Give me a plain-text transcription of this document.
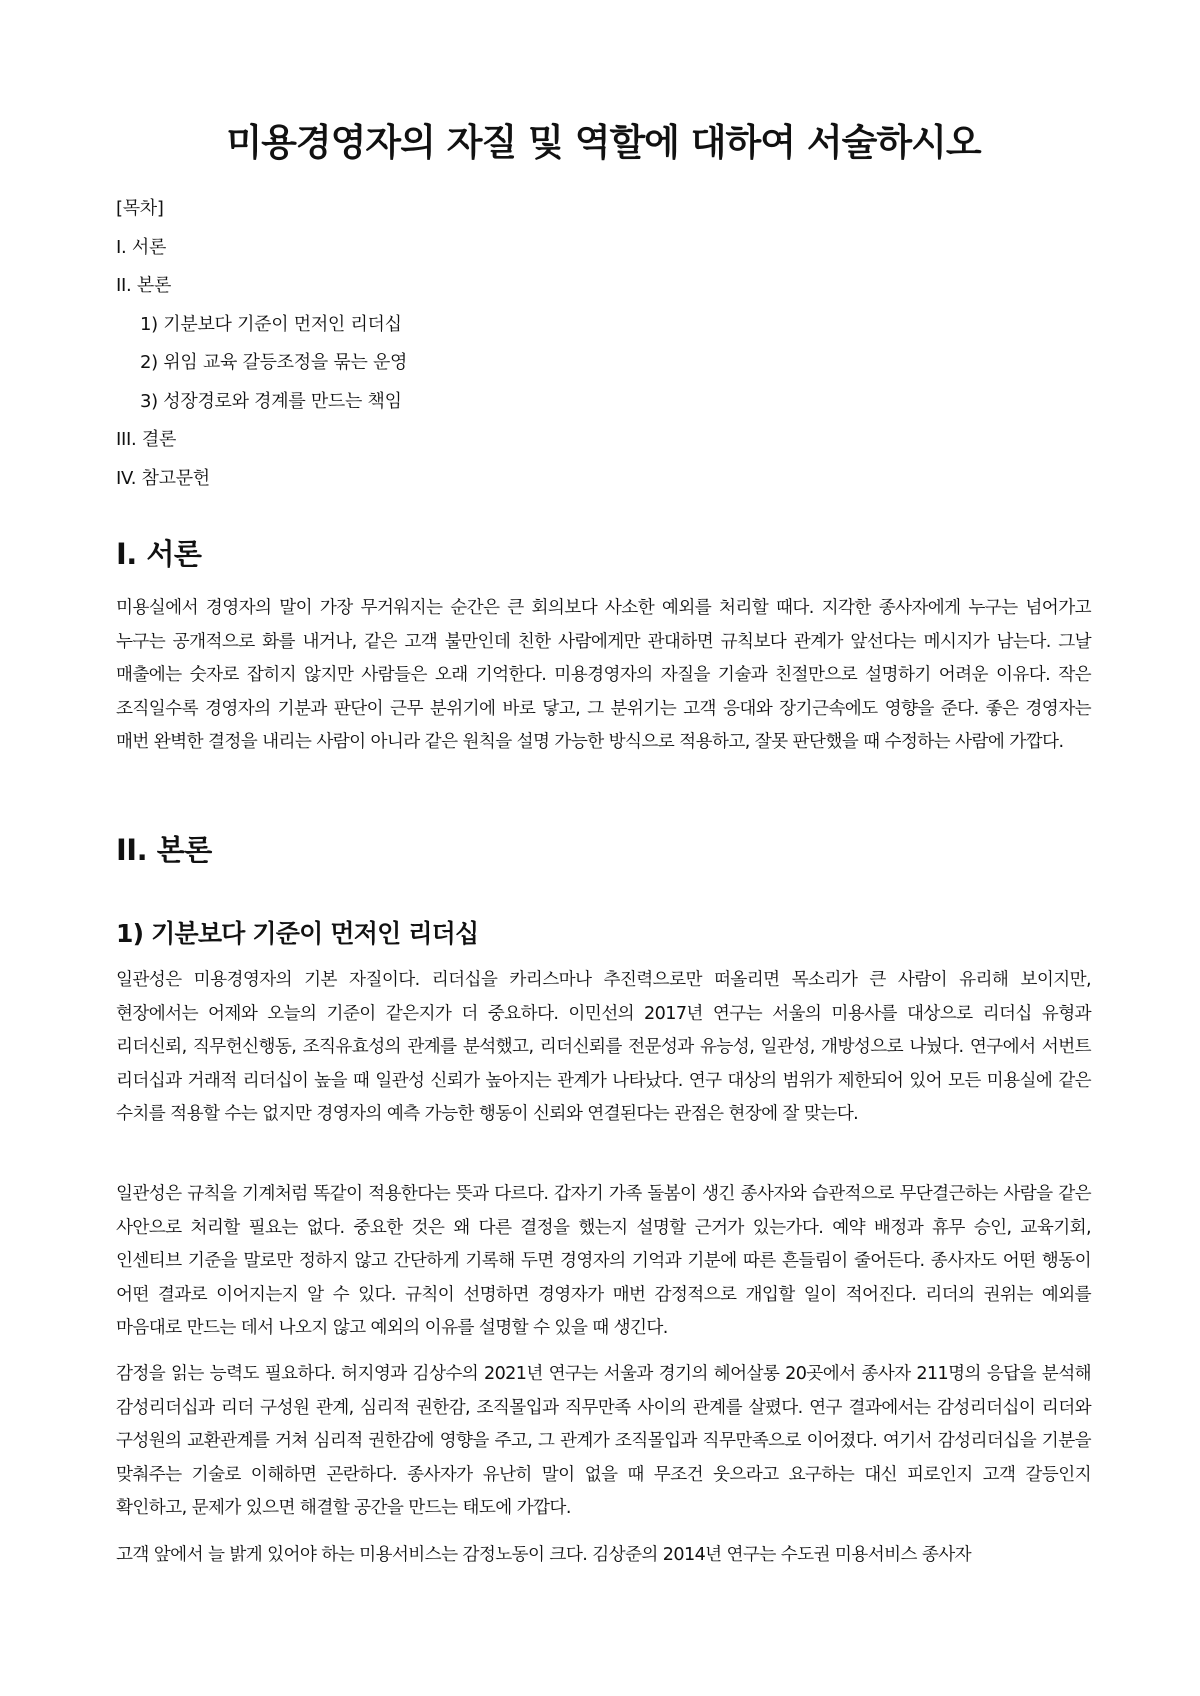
미용경영자의 자질 및 역할에 대하여 서술하시오
[목차]
I. 서론
II. 본론
1) 기분보다 기준이 먼저인 리더십
2) 위임 교육 갈등조정을 묶는 운영
3) 성장경로와 경계를 만드는 책임
III. 결론
IV. 참고문헌
I. 서론

미용실에서 경영자의 말이 가장 무거워지는 순간은 큰 회의보다 사소한 예외를 처리할 때다. 지각한 종사자에게 누구는 넘어가고 누구는 공개적으로 화를 내거나, 같은 고객 불만인데 친한 사람에게만 관대하면 규칙보다 관계가 앞선다는 메시지가 남는다. 그날 매출에는 숫자로 잡히지 않지만 사람들은 오래 기억한다. 미용경영자의 자질을 기술과 친절만으로 설명하기 어려운 이유다. 작은 조직일수록 경영자의 기분과 판단이 근무 분위기에 바로 닿고, 그 분위기는 고객 응대와 장기근속에도 영향을 준다. 좋은 경영자는 매번 완벽한 결정을 내리는 사람이 아니라 같은 원칙을 설명 가능한 방식으로 적용하고, 잘못 판단했을 때 수정하는 사람에 가깝다.

II. 본론
1) 기분보다 기준이 먼저인 리더십

일관성은 미용경영자의 기본 자질이다. 리더십을 카리스마나 추진력으로만 떠올리면 목소리가 큰 사람이 유리해 보이지만, 현장에서는 어제와 오늘의 기준이 같은지가 더 중요하다. 이민선의 2017년 연구는 서울의 미용사를 대상으로 리더십 유형과 리더신뢰, 직무헌신행동, 조직유효성의 관계를 분석했고, 리더신뢰를 전문성과 유능성, 일관성, 개방성으로 나눴다. 연구에서 서번트 리더십과 거래적 리더십이 높을 때 일관성 신뢰가 높아지는 관계가 나타났다. 연구 대상의 범위가 제한되어 있어 모든 미용실에 같은 수치를 적용할 수는 없지만 경영자의 예측 가능한 행동이 신뢰와 연결된다는 관점은 현장에 잘 맞는다.

일관성은 규칙을 기계처럼 똑같이 적용한다는 뜻과 다르다. 갑자기 가족 돌봄이 생긴 종사자와 습관적으로 무단결근하는 사람을 같은 사안으로 처리할 필요는 없다. 중요한 것은 왜 다른 결정을 했는지 설명할 근거가 있는가다. 예약 배정과 휴무 승인, 교육기회, 인센티브 기준을 말로만 정하지 않고 간단하게 기록해 두면 경영자의 기억과 기분에 따른 흔들림이 줄어든다. 종사자도 어떤 행동이 어떤 결과로 이어지는지 알 수 있다. 규칙이 선명하면 경영자가 매번 감정적으로 개입할 일이 적어진다. 리더의 권위는 예외를 마음대로 만드는 데서 나오지 않고 예외의 이유를 설명할 수 있을 때 생긴다.

감정을 읽는 능력도 필요하다. 허지영과 김상수의 2021년 연구는 서울과 경기의 헤어살롱 20곳에서 종사자 211명의 응답을 분석해 감성리더십과 리더 구성원 관계, 심리적 권한감, 조직몰입과 직무만족 사이의 관계를 살폈다. 연구 결과에서는 감성리더십이 리더와 구성원의 교환관계를 거쳐 심리적 권한감에 영향을 주고, 그 관계가 조직몰입과 직무만족으로 이어졌다. 여기서 감성리더십을 기분을 맞춰주는 기술로 이해하면 곤란하다. 종사자가 유난히 말이 없을 때 무조건 웃으라고 요구하는 대신 피로인지 고객 갈등인지 확인하고, 문제가 있으면 해결할 공간을 만드는 태도에 가깝다.

고객 앞에서 늘 밝게 있어야 하는 미용서비스는 감정노동이 크다. 김상준의 2014년 연구는 수도권 미용서비스 종사자
